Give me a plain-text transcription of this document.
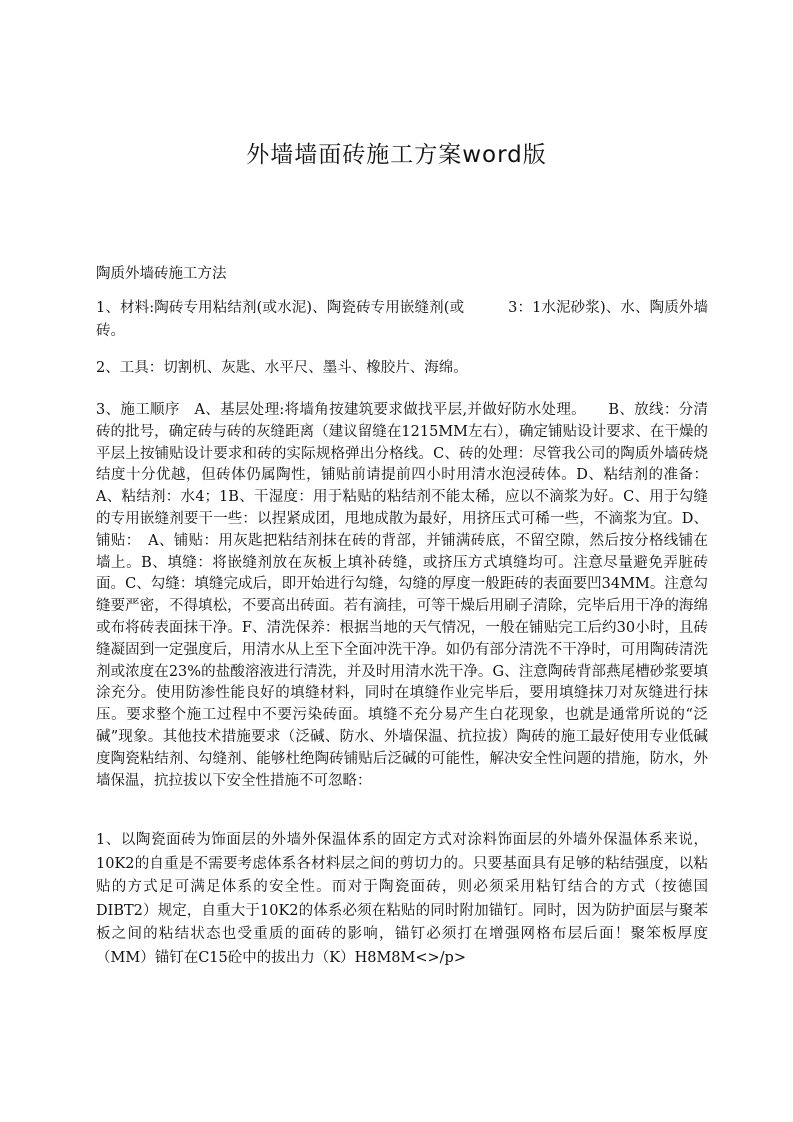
外墙墙面砖施工方案word版

陶质外墙砖施工方法

1、材料:陶砖专用粘结剂(或水泥)、陶瓷砖专用嵌缝剂(或　　　3：1水泥砂浆)、水、陶质外墙砖。

2、工具：切割机、灰匙、水平尺、墨斗、橡胶片、海绵。

3、施工顺序　A、基层处理:将墙角按建筑要求做找平层,并做好防水处理。　　B、放线：分清砖的批号，确定砖与砖的灰缝距离（建议留缝在1215MM左右），确定铺贴设计要求、在干燥的平层上按铺贴设计要求和砖的实际规格弹出分格线。C、砖的处理：尽管我公司的陶质外墙砖烧结度十分优越，但砖体仍属陶性，铺贴前请提前四小时用清水泡浸砖体。D、粘结剂的准备：A、粘结剂：水4；1B、干湿度：用于粘贴的粘结剂不能太稀，应以不滴浆为好。C、用于勾缝的专用嵌缝剂要干一些：以捏紧成团，甩地成散为最好，用挤压式可稀一些，不滴浆为宜。D、铺贴：　A、铺贴：用灰匙把粘结剂抹在砖的背部，并铺满砖底，不留空隙，然后按分格线铺在墙上。B、填缝：将嵌缝剂放在灰板上填补砖缝，或挤压方式填缝均可。注意尽量避免弄脏砖面。C、勾缝：填缝完成后，即开始进行勾缝，勾缝的厚度一般距砖的表面要凹34MM。注意勾缝要严密，不得填松，不要高出砖面。若有滴挂，可等干燥后用刷子清除，完毕后用干净的海绵或布将砖表面抹干净。F、清洗保养：根据当地的天气情况，一般在铺贴完工后约30小时，且砖缝凝固到一定强度后，用清水从上至下全面冲洗干净。如仍有部分清洗不干净时，可用陶砖清洗剂或浓度在23%的盐酸溶液进行清洗，并及时用清水洗干净。G、注意陶砖背部燕尾槽砂浆要填涂充分。使用防渗性能良好的填缝材料，同时在填缝作业完毕后，要用填缝抹刀对灰缝进行抹压。要求整个施工过程中不要污染砖面。填缝不充分易产生白花现象，也就是通常所说的“泛碱”现象。其他技术措施要求（泛碱、防水、外墙保温、抗拉拔）陶砖的施工最好使用专业低碱度陶瓷粘结剂、勾缝剂、能够杜绝陶砖铺贴后泛碱的可能性，解决安全性问题的措施，防水，外墙保温，抗拉拔以下安全性措施不可忽略：

1、以陶瓷面砖为饰面层的外墙外保温体系的固定方式对涂料饰面层的外墙外保温体系来说，10K2的自重是不需要考虑体系各材料层之间的剪切力的。只要基面具有足够的粘结强度，以粘贴的方式足可满足体系的安全性。而对于陶瓷面砖，则必须采用粘钉结合的方式（按德国DIBT2）规定，自重大于10K2的体系必须在粘贴的同时附加锚钉。同时，因为防护面层与聚苯板之间的粘结状态也受重质的面砖的影响，锚钉必须打在增强网格布层后面！聚笨板厚度（MM）锚钉在C15砼中的拔出力（K）H8M8M<>/p>
